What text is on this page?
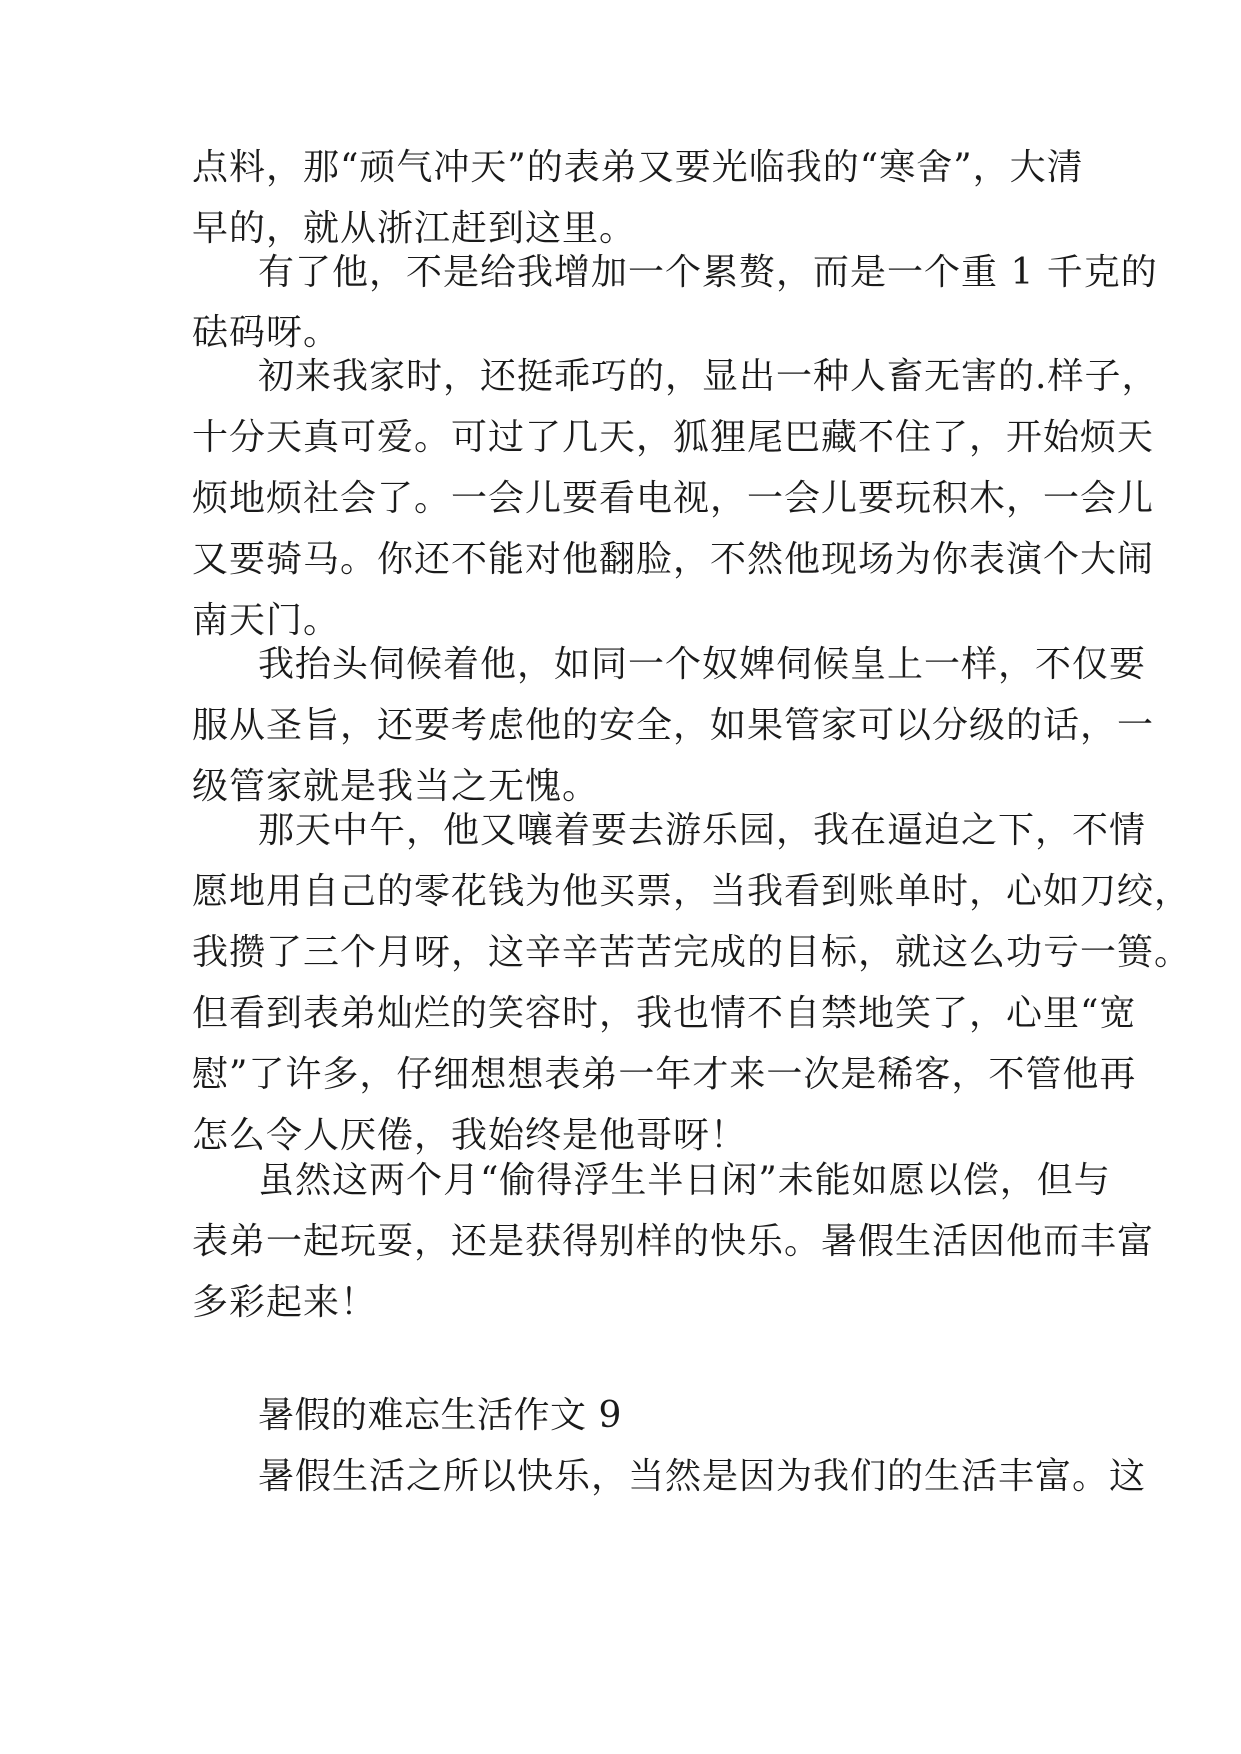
点料，那“顽气冲天”的表弟又要光临我的“寒舍”，大清
早的，就从浙江赶到这里。
有了他，不是给我增加一个累赘，而是一个重 1 千克的
砝码呀。
初来我家时，还挺乖巧的，显出一种人畜无害的.样子，
十分天真可爱。可过了几天，狐狸尾巴藏不住了，开始烦天
烦地烦社会了。一会儿要看电视，一会儿要玩积木，一会儿
又要骑马。你还不能对他翻脸，不然他现场为你表演个大闹
南天门。
我抬头伺候着他，如同一个奴婢伺候皇上一样，不仅要
服从圣旨，还要考虑他的安全，如果管家可以分级的话，一
级管家就是我当之无愧。
那天中午，他又嚷着要去游乐园，我在逼迫之下，不情
愿地用自己的零花钱为他买票，当我看到账单时，心如刀绞，
我攒了三个月呀，这辛辛苦苦完成的目标，就这么功亏一篑。
但看到表弟灿烂的笑容时，我也情不自禁地笑了，心里“宽
慰”了许多，仔细想想表弟一年才来一次是稀客，不管他再
怎么令人厌倦，我始终是他哥呀！
虽然这两个月“偷得浮生半日闲”未能如愿以偿，但与
表弟一起玩耍，还是获得别样的快乐。暑假生活因他而丰富
多彩起来！
暑假的难忘生活作文 9
暑假生活之所以快乐，当然是因为我们的生活丰富。这
